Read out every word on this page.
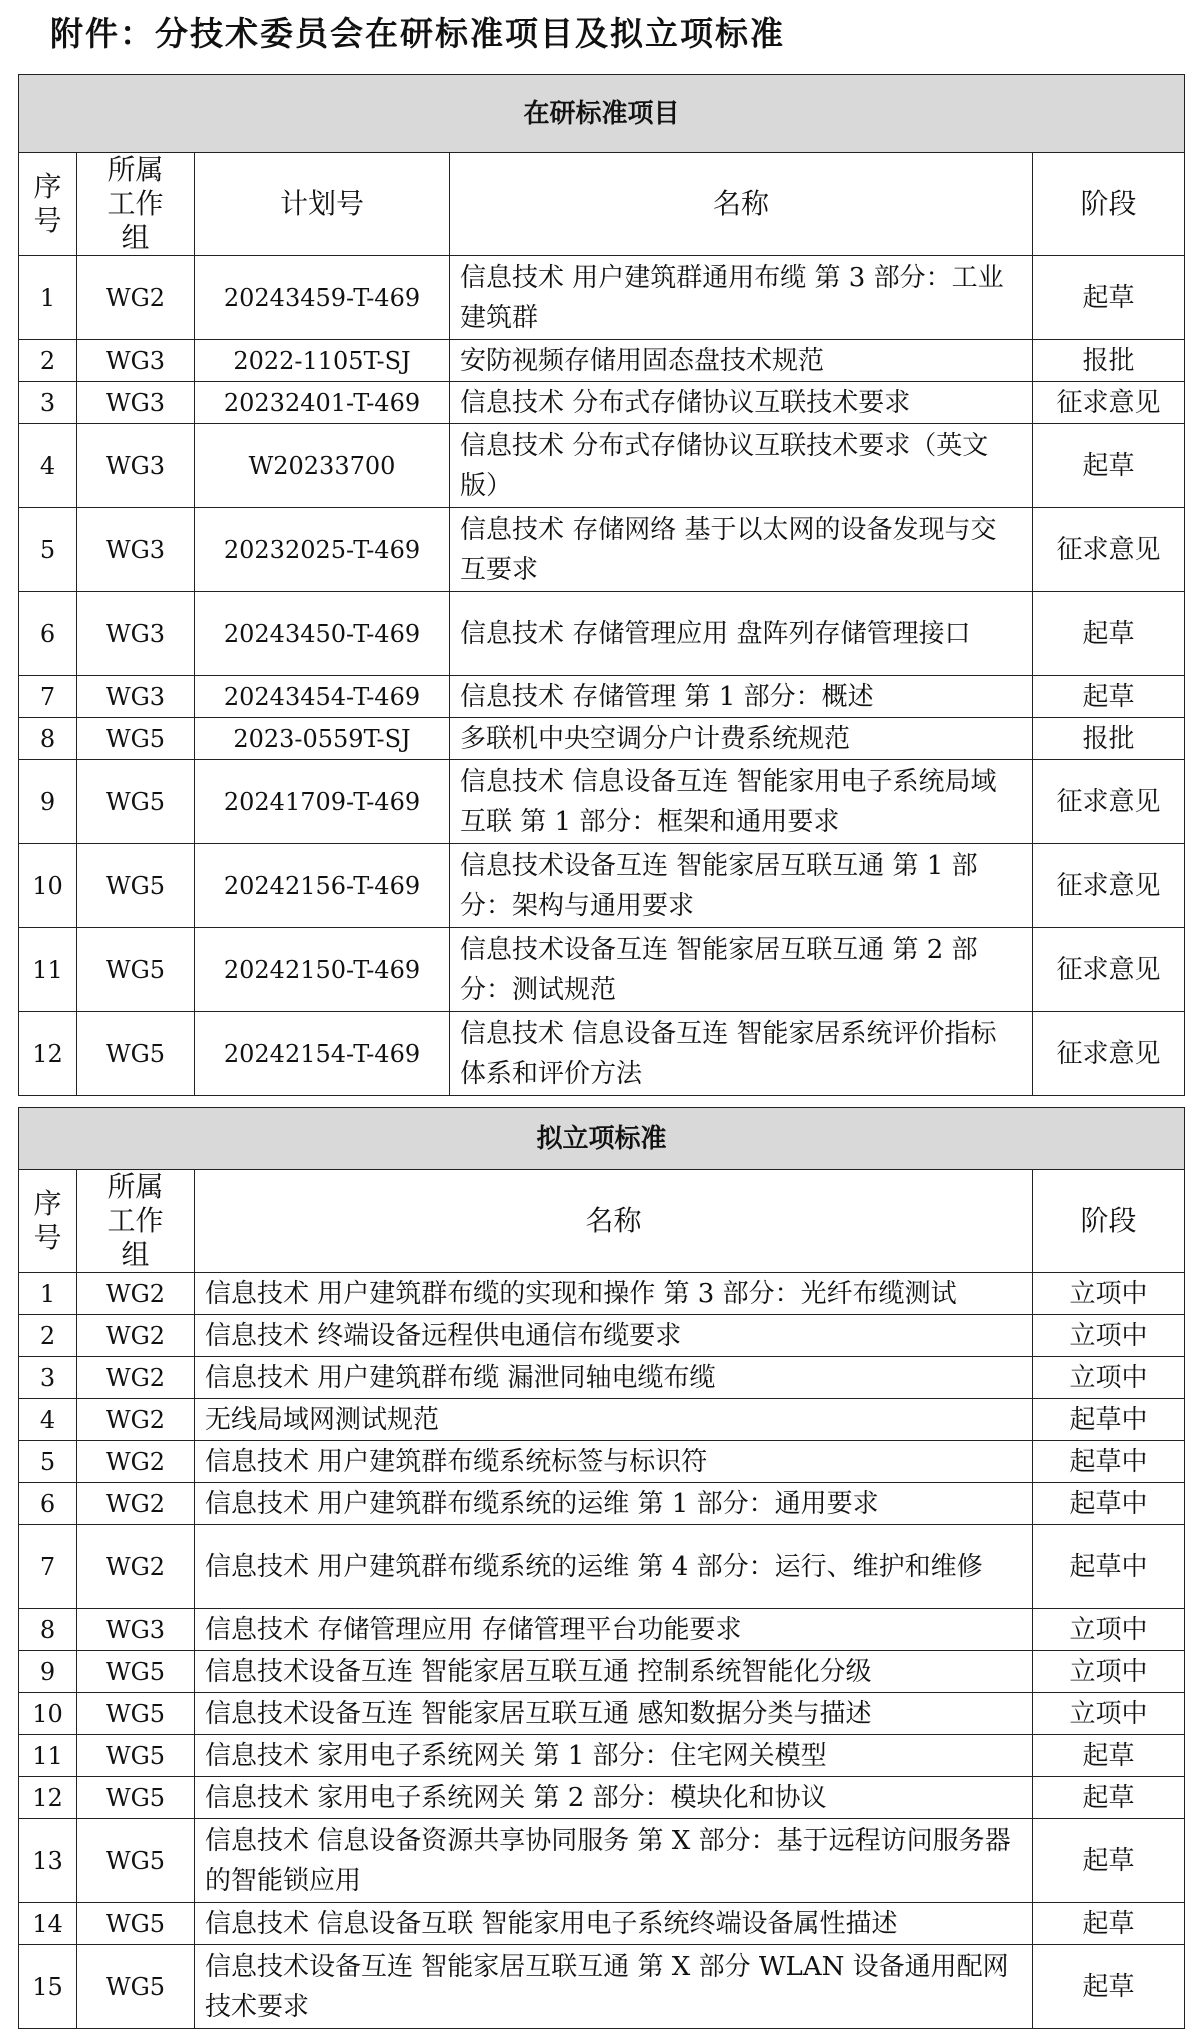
附件：分技术委员会在研标准项目及拟立项标准
在研标准项目				
序号	所属工作组	计划号	名称	阶段
1	WG2	20243459-T-469	信息技术 用户建筑群通用布缆 第 3 部分：工业建筑群	起草
2	WG3	2022-1105T-SJ	安防视频存储用固态盘技术规范	报批
3	WG3	20232401-T-469	信息技术 分布式存储协议互联技术要求	征求意见
4	WG3	W20233700	信息技术 分布式存储协议互联技术要求（英文版）	起草
5	WG3	20232025-T-469	信息技术 存储网络 基于以太网的设备发现与交互要求	征求意见
6	WG3	20243450-T-469	信息技术 存储管理应用 盘阵列存储管理接口	起草
7	WG3	20243454-T-469	信息技术 存储管理 第 1 部分：概述	起草
8	WG5	2023-0559T-SJ	多联机中央空调分户计费系统规范	报批
9	WG5	20241709-T-469	信息技术 信息设备互连 智能家用电子系统局域互联 第 1 部分：框架和通用要求	征求意见
10	WG5	20242156-T-469	信息技术设备互连 智能家居互联互通 第 1 部分：架构与通用要求	征求意见
11	WG5	20242150-T-469	信息技术设备互连 智能家居互联互通 第 2 部分：测试规范	征求意见
12	WG5	20242154-T-469	信息技术 信息设备互连 智能家居系统评价指标体系和评价方法	征求意见
拟立项标准			
序号	所属工作组	名称	阶段
1	WG2	信息技术 用户建筑群布缆的实现和操作 第 3 部分：光纤布缆测试	立项中
2	WG2	信息技术 终端设备远程供电通信布缆要求	立项中
3	WG2	信息技术 用户建筑群布缆 漏泄同轴电缆布缆	立项中
4	WG2	无线局域网测试规范	起草中
5	WG2	信息技术 用户建筑群布缆系统标签与标识符	起草中
6	WG2	信息技术 用户建筑群布缆系统的运维 第 1 部分：通用要求	起草中
7	WG2	信息技术 用户建筑群布缆系统的运维 第 4 部分：运行、维护和维修	起草中
8	WG3	信息技术 存储管理应用 存储管理平台功能要求	立项中
9	WG5	信息技术设备互连 智能家居互联互通 控制系统智能化分级	立项中
10	WG5	信息技术设备互连 智能家居互联互通 感知数据分类与描述	立项中
11	WG5	信息技术 家用电子系统网关 第 1 部分：住宅网关模型	起草
12	WG5	信息技术 家用电子系统网关 第 2 部分：模块化和协议	起草
13	WG5	信息技术 信息设备资源共享协同服务 第 X 部分：基于远程访问服务器的智能锁应用	起草
14	WG5	信息技术 信息设备互联 智能家用电子系统终端设备属性描述	起草
15	WG5	信息技术设备互连 智能家居互联互通 第 X 部分 WLAN 设备通用配网技术要求	起草
